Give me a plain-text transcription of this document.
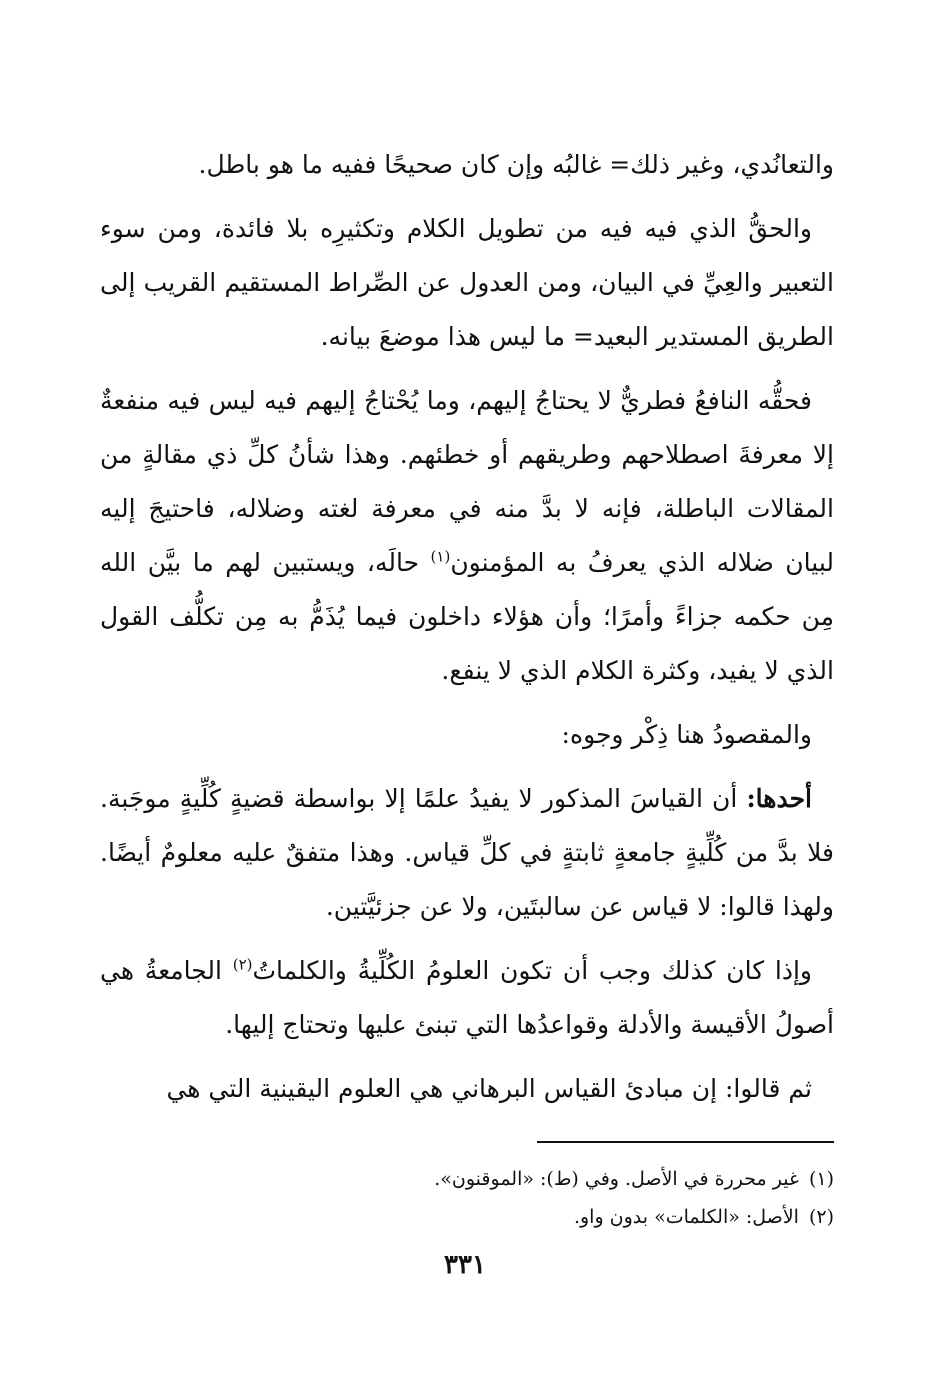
والتعانُدي، وغير ذلك= غالبُه وإن كان صحيحًا ففيه ما هو باطل.

والحقُّ الذي فيه فيه من تطويل الكلام وتكثيرِه بلا فائدة، ومن سوء التعبير والعِيِّ في البيان، ومن العدول عن الصِّراط المستقيم القريب إلى الطريق المستدير البعيد= ما ليس هذا موضعَ بيانه.

فحقُّه النافعُ فطريٌّ لا يحتاجُ إليهم، وما يُحْتاجُ إليهم فيه ليس فيه منفعةٌ إلا معرفةَ اصطلاحهم وطريقهم أو خطئهم. وهذا شأنُ كلِّ ذي مقالةٍ من المقالات الباطلة، فإنه لا بدَّ منه في معرفة لغته وضلاله، فاحتيجَ إليه لبيان ضلاله الذي يعرفُ به المؤمنون$^{(١)}$ حالَه، ويستبين لهم ما بيَّن الله مِن حكمه جزاءً وأمرًا؛ وأن هؤلاء داخلون فيما يُذَمُّ به مِن تكلُّف القول الذي لا يفيد، وكثرة الكلام الذي لا ينفع.

والمقصودُ هنا ذِكْر وجوه:

أحدها: أن القياسَ المذكور لا يفيدُ علمًا إلا بواسطة قضيةٍ كُلِّيةٍ موجَبة. فلا بدَّ من كُلِّيةٍ جامعةٍ ثابتةٍ في كلِّ قياس. وهذا متفقٌ عليه معلومٌ أيضًا. ولهذا قالوا: لا قياس عن سالبتَين، ولا عن جزئيَّتين.

وإذا كان كذلك وجب أن تكون العلومُ الكُلِّيةُ والكلماتُ$^{(٢)}$ الجامعةُ هي أصولُ الأقيسة والأدلة وقواعدُها التي تبنئ عليها وتحتاج إليها.

ثم قالوا: إن مبادئ القياس البرهاني هي العلوم اليقينية التي هي

(١)غير محررة في الأصل. وفي (ط): «الموقنون».

(٢)الأصل: «الكلمات» بدون واو.

٣٣١
